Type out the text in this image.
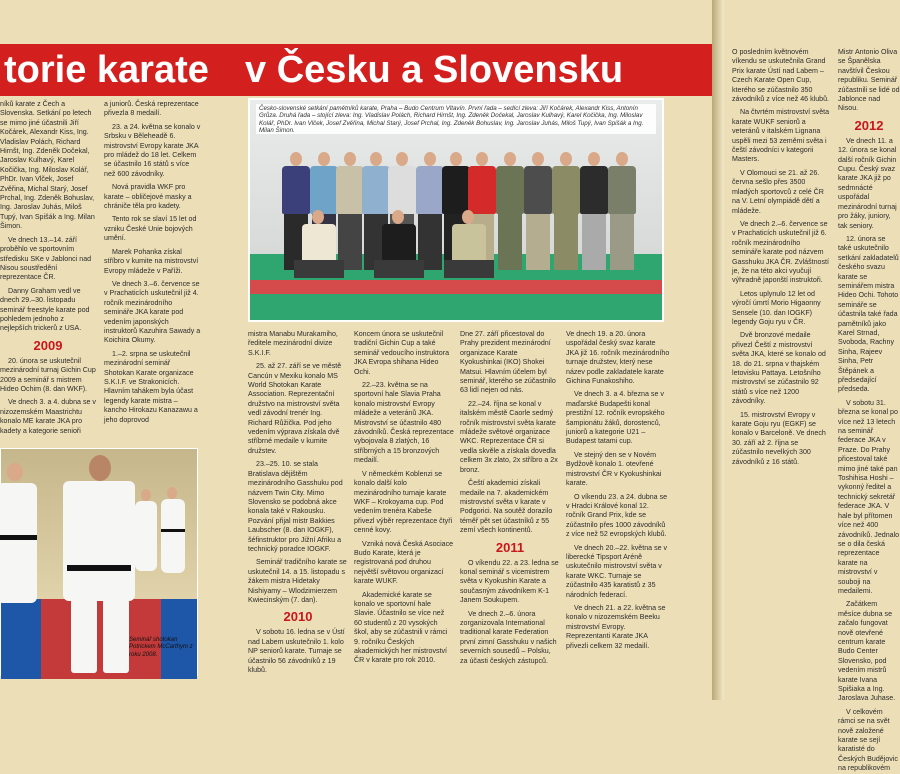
torie karate v Česku a Slovensku

níků karate z Čech a Slovenska. Setkání po letech se mimo jiné účastnili Jiří Kočárek, Alexandr Kiss, Ing. Vladislav Polách, Richard Hirnšt, Ing. Zdeněk Dočekal, Jaroslav Kulhavý, Karel Kočička, Ing. Miloslav Kolář, PhDr. Ivan Vlček, Josef Zvěřina, Michal Starý, Josef Prchal, Ing. Zdeněk Bohuslav, Ing. Jaroslav Juhás, Miloš Tupý, Ivan Spišák a Ing. Milan Šimon.

Ve dnech 13.–14. září proběhlo ve sportovním středisku SKe v Jablonci nad Nisou soustředění reprezentace ČR.

Danny Graham vedl ve dnech 29.–30. listopadu seminář freestyle karate pod pohledem jednoho z nejlepších trickerů z USA.

2009

20. února se uskutečnil mezinárodní turnaj Gichin Cup 2009 a seminář s mistrem Hideo Ochim (8. dan WKF).

Ve dnech 3. a 4. dubna se v nizozemském Maastrichtu konalo ME karate JKA pro kadety a kategorie senioři

a juniorů. Česká reprezentace přivezla 8 medailí.

23. a 24. května se konalo v Srbsku v Běleheadě 6. mistrovství Evropy karate JKA pro mládež do 18 let. Celkem se účastnilo 16 států s více než 600 závodníky.

Nová pravidla WKF pro karate – obličejové masky a chrániče těla pro kadety.

Tento rok se slaví 15 let od vzniku České Unie bojových umění.

Marek Pohanka získal stříbro v kumite na mistrovství Evropy mládeže v Paříži.

Ve dnech 3.–6. července se v Prachaticích uskutečnil již 4. ročník mezinárodního semináře JKA karate pod vedením japonských instruktorů Kazuhira Sawady a Koichira Okumy.

1.–2. srpna se uskutečnil mezinárodní seminář Shotokan Karate organizace S.K.I.F. ve Strakonicích. Hlavním tahákem byla účast legendy karate mistra – kancho Hirokazu Kanazawu a jeho doprovod

Česko-slovenské setkání pamětníků karate, Praha – Budo Centrum Vltavín. První řada – sedící zleva: Jiří Kočárek, Alexandr Kiss, Antonín Grůza. Druhá řada – stojící zleva: Ing. Vladislav Polách, Richard Hirnšt, Ing. Zdeněk Dočekal, Jaroslav Kulhavý, Karel Kočička, Ing. Miloslav Kolář, PhDr. Ivan Vlček, Josef Zvěřina, Michal Starý, Josef Prchal, Ing. Zdeněk Bohuslav, Ing. Jaroslav Juhás, Miloš Tupý, Ivan Spišák a Ing. Milan Šimon.

mistra Manabu Murakamiho, ředitele mezinárodní divize S.K.I.F.

25. až 27. září se ve městě Cancún v Mexiku konalo MS World Shotokan Karate Association. Reprezentační družstvo na mistrovství světa vedl závodní trenér Ing. Richard Růžička. Pod jeho vedením výprava získala dvě stříbrné medaile v kumite družstev.

23.–25. 10. se stala Bratislava dějištěm mezinárodního Gasshuku pod názvem Twin City. Mimo Slovensko se podobná akce konala také v Rakousku. Pozvání přijal mistr Bakkies Laubscher (8. dan IOGKF), šéfinstruktor pro Jižní Afriku a technický poradce IOGKF.

Seminář tradičního karate se uskutečnil 14. a 15. listopadu s žákem mistra Hidetaky Nishiyamy – Wlodzimierzem Kwiecinským (7. dan).

2010

V sobotu 16. ledna se v Ústí nad Labem uskutečnilo 1. kolo NP seniorů karate. Turnaje se účastnilo 56 závodníků z 19 klubů.

Koncem února se uskutečnil tradiční Gichin Cup a také seminář vedoucího instruktora JKA Evropa shihana Hideo Ochi.

22.–23. května se na sportovní hale Slavia Praha konalo mistrovství Evropy mládeže a veteránů JKA. Mistrovství se účastnilo 480 závodníků. Česká reprezentace vybojovala 8 zlatých, 16 stříbrných a 15 bronzových medailí.

V německém Koblenzi se konalo další kolo mezinárodního turnaje karate WKF – Krokoyama cup. Pod vedením trenéra Kabeše přivezl výběr reprezentace čtyři cenné kovy.

Vzniká nová Česká Asociace Budo Karate, která je registrovaná pod druhou největší světovou organizací karate WUKF.

Akademické karate se konalo ve sportovní hale Slavie. Účastnilo se více než 60 studentů z 20 vysokých škol, aby se zúčastnili v rámci 9. ročníku Českých akademických her mistrovství ČR v karate pro rok 2010.

Dne 27. září přicestoval do Prahy prezident mezinárodní organizace Karate Kyokushinkai (IKO) Shokei Matsui. Hlavním účelem byl seminář, kterého se zúčastnilo 63 lidí nejen od nás.

22.–24. října se konal v italském městě Caorle sedmý ročník mistrovství světa karate mládeže světové organizace WKC. Reprezentace ČR si vedla skvěle a získala dovedla celkem 3x zlato, 2x stříbro a 2x bronz.

Čeští akademici získali medaile na 7. akademickém mistrovství světa v karate v Podgorici. Na soutěž dorazilo téměř pět set účastníků z 55 zemí všech kontinentů.

2011

O víkendu 22. a 23. ledna se konal seminář s vicemistrem světa v Kyokushin Karate a současným závodníkem K-1 Janem Soukupem.

Ve dnech 2.–6. února zorganizovala International traditional karate Federation první zimní Gasshuku v našich severních sousedů – Polsku, za účasti českých zástupců.

Ve dnech 19. a 20. února uspořádal český svaz karate JKA již 16. ročník mezinárodního turnaje družstev, který nese název podle zakladatele karate Gichina Funakoshiho.

Ve dnech 3. a 4. března se v maďarské Budapešti konal prestižní 12. ročník evropského šampionátu žáků, dorostenců, juniorů a kategorie U21 – Budapest tatami cup.

Ve stejný den se v Novém Bydžově konalo 1. otevřené mistrovství ČR v Kyokushinkai karate.

O víkendu 23. a 24. dubna se v Hradci Králové konal 12. ročník Grand Prix, kde se zúčastnilo přes 1000 závodníků z více než 52 evropských klubů.

Ve dnech 20.–22. května se v liberecké Tipsport Aréně uskutečnilo mistrovství světa v karate WKC. Turnaje se zúčastnilo 435 karatistů z 35 národních federací.

Ve dnech 21. a 22. května se konalo v nizozemském Beeku mistrovství Evropy. Reprezentanti Karate JKA přivezli celkem 32 medailí.

O posledním květnovém víkendu se uskutečnila Grand Prix karate Ústí nad Labem – Czech Karate Open Cup, kterého se zúčastnilo 350 závodníků z více než 46 klubů.

Na čtvrtém mistrovství světa karate WUKF seniorů a veteránů v italském Lignana uspěli mezi 53 zeměmi světa i čeští závodníci v kategorii Masters.

V Olomouci se 21. až 26. června sešlo přes 3500 mladých sportovců z celé ČR na V. Letní olympiádě dětí a mládeže.

Ve dnech 2.–6. července se v Prachaticích uskutečnil již 6. ročník mezinárodního semináře karate pod názvem Gasshuku JKA ČR. Zvláštností je, že na této akci vyučují výhradně japonští instruktoři.

Letos uplynulo 12 let od výročí úmrtí Morio Higaonny Sensele (10. dan IOGKF) legendy Goju ryu v ČR.

Dvě bronzové medaile přivezl Čeští z mistrovství světa JKA, které se konalo od 18. do 21. srpna v thajském letovisku Pattaya. Letošního mistrovství se zúčastnilo 92 států s více než 1200 závodníky.

15. mistrovství Evropy v karate Goju ryu (EGKF) se konalo v Barceloně. Ve dnech 30. září až 2. října se zúčastnilo nevelkých 300 závodníků z 16 států.

Mistr Antonio Oliva se Španělska navštívil Českou republiku. Seminář zúčastnili se lidé od Jablonce nad Nisou.

2012

Ve dnech 11. a 12. února se konal další ročník Gichin Cupu. Český svaz karate JKA již po sedmnácté uspořádal mezinárodní turnaj pro žáky, juniory, tak seniory.

12. února se také uskutečnilo setkání zakladatelů českého svazu karate se seminářem mistra Hideo Ochi. Tohoto semináře se účastnila také řada pamětníků jako Karel Strnad, Svoboda, Rachny Sinha, Rajeev Sinha, Petr Štěpánek a předsedající předseda.

V sobotu 31. března se konal po více než 13 letech na seminář federace JKA v Praze. Do Prahy přicestoval také mimo jiné také pan Toshihisa Hoshi – vykonný ředitel a technický sekretář federace JKA. V hale byl přítomen více než 400 závodníků. Jednalo se o dila česká reprezentace karate na mistrovství v souboji na medailemi.

Začátkem měsíce dubna se začalo fungovat nově otevřené centrum karate Budo Center Slovensko, pod vedením mistrů karate Ivana Spišiaka a Ing. Jaroslava Juhase.

V celkovém rámci se na svět nově založené karate se sejí karatisté do Českých Budějovic na republikovém

Seminář shotokan Potrickem McCarthym z roku 2008.
